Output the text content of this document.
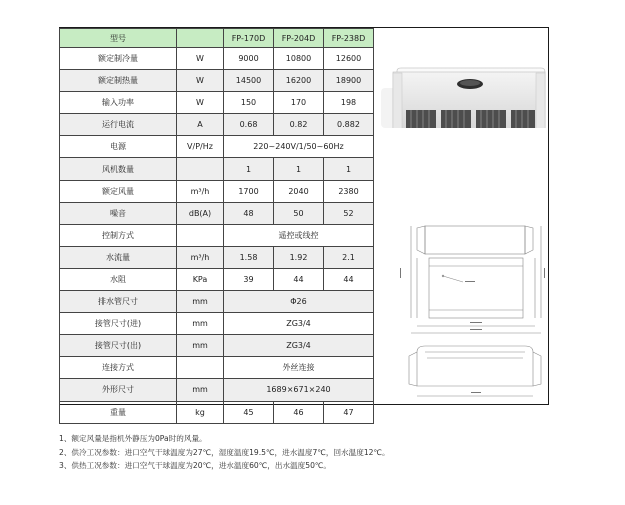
型号		FP-170D	FP-204D	FP-238D
额定制冷量	W	9000	10800	12600
额定制热量	W	14500	16200	18900
输入功率	W	150	170	198
运行电流	A	0.68	0.82	0.882
电源	V/P/Hz	220~240V/1/50~60Hz		
风机数量		1	1	1
额定风量	m³/h	1700	2040	2380
噪音	dB(A)	48	50	52
控制方式		遥控或线控		
水流量	m³/h	1.58	1.92	2.1
水阻	KPa	39	44	44
排水管尺寸	mm	Φ26		
接管尺寸(进)	mm	ZG3/4		
接管尺寸(出)	mm	ZG3/4		
连接方式		外丝连接		
外形尺寸	mm	1689×671×240		
重量	kg	45	46	47
1、额定风量是指机外静压为0Pa时的风量。
2、供冷工况参数：进口空气干球温度为27℃，湿度温度19.5℃，进水温度7℃，回水温度12℃。
3、供热工况参数：进口空气干球温度为20℃，进水温度60℃，出水温度50℃。
